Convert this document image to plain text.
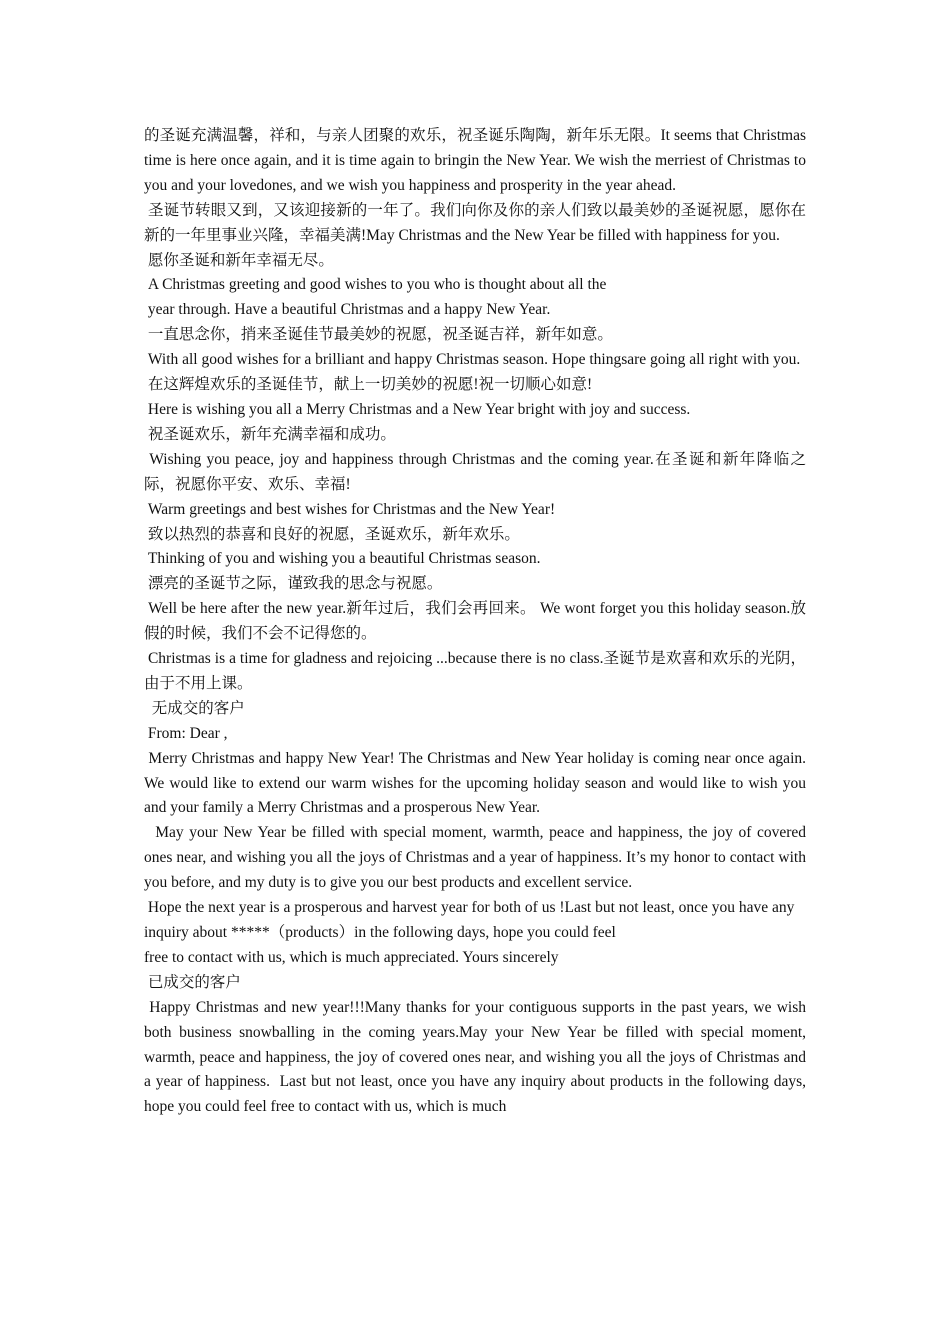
的圣诞充满温馨，祥和，与亲人团聚的欢乐，祝圣诞乐陶陶，新年乐无限。It seems that Christmas time is here once again, and it is time again to bringin the New Year. We wish the merriest of Christmas to you and your lovedones, and we wish you happiness and prosperity in the year ahead.

圣诞节转眼又到，又该迎接新的一年了。我们向你及你的亲人们致以最美妙的圣诞祝愿，愿你在新的一年里事业兴隆，幸福美满!May Christmas and the New Year be filled with happiness for you.

愿你圣诞和新年幸福无尽。

A Christmas greeting and good wishes to you who is thought about all the

year through. Have a beautiful Christmas and a happy New Year.

一直思念你，捎来圣诞佳节最美妙的祝愿，祝圣诞吉祥，新年如意。

With all good wishes for a brilliant and happy Christmas season. Hope thingsare going all right with you.

在这辉煌欢乐的圣诞佳节，献上一切美妙的祝愿!祝一切顺心如意!

Here is wishing you all a Merry Christmas and a New Year bright with joy and success.

祝圣诞欢乐，新年充满幸福和成功。

Wishing you peace, joy and happiness through Christmas and the coming year.在圣诞和新年降临之际，祝愿你平安、欢乐、幸福!

Warm greetings and best wishes for Christmas and the New Year!

致以热烈的恭喜和良好的祝愿，圣诞欢乐，新年欢乐。

Thinking of you and wishing you a beautiful Christmas season.

漂亮的圣诞节之际，谨致我的思念与祝愿。

Well be here after the new year.新年过后，我们会再回来。 We wont forget you this holiday season.放假的时候，我们不会不记得您的。

Christmas is a time for gladness and rejoicing ...because there is no class.圣诞节是欢喜和欢乐的光阴，由于不用上课。

无成交的客户

From: Dear ,

Merry Christmas and happy New Year! The Christmas and New Year holiday is coming near once again. We would like to extend our warm wishes for the upcoming holiday season and would like to wish you and your family a Merry Christmas and a prosperous New Year.

May your New Year be filled with special moment, warmth, peace and happiness, the joy of covered ones near, and wishing you all the joys of Christmas and a year of happiness. It’s my honor to contact with you before, and my duty is to give you our best products and excellent service.

Hope the next year is a prosperous and harvest year for both of us !Last but not least, once you have any inquiry about *****（products）in the following days, hope you could feel

free to contact with us, which is much appreciated. Yours sincerely

已成交的客户

Happy Christmas and new year!!!Many thanks for your contiguous supports in the past years, we wish both business snowballing in the coming years.May your New Year be filled with special moment, warmth, peace and happiness, the joy of covered ones near, and wishing you all the joys of Christmas and a year of happiness.  Last but not least, once you have any inquiry about products in the following days, hope you could feel free to contact with us, which is much
